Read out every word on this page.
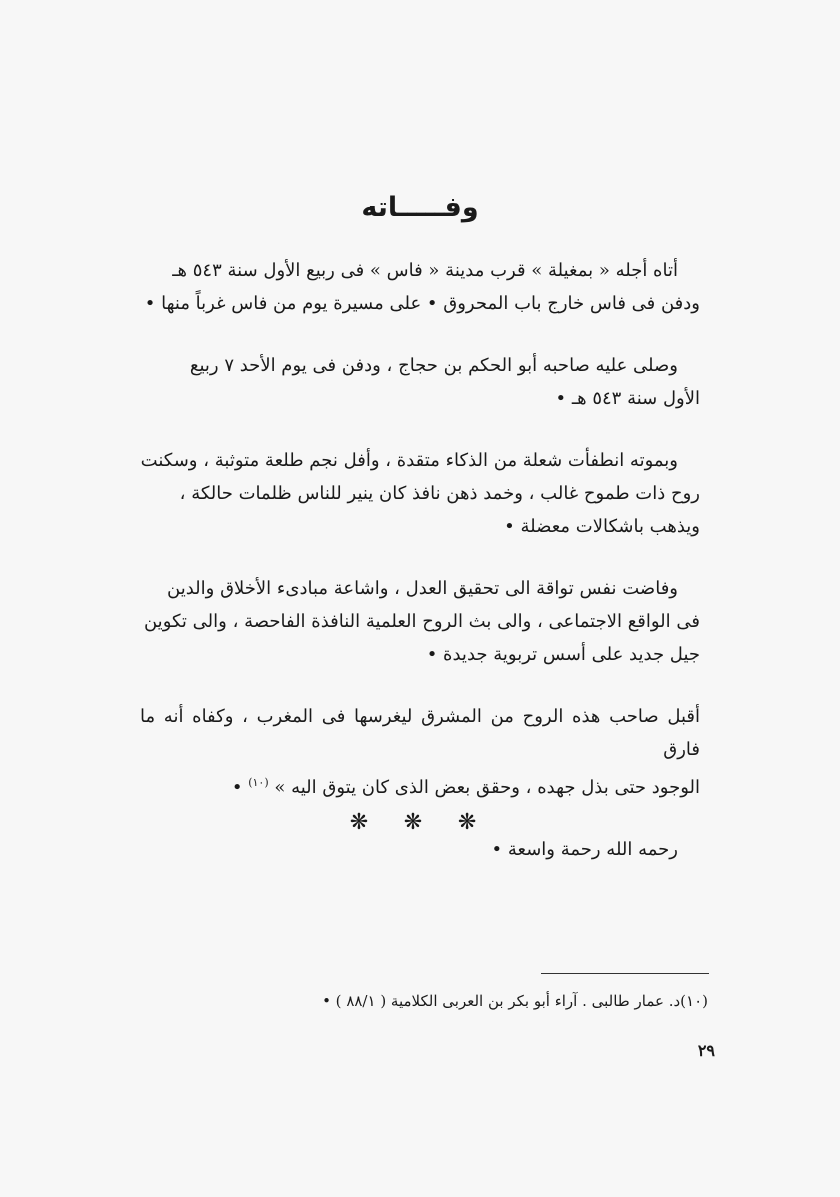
وفـــــاته

أتاه أجله « بمغيلة » قرب مدينة « فاس » فى ربيع الأول سنة ٥٤٣ هـ

ودفن فى فاس خارج باب المحروق • على مسيرة يوم من فاس غرباً منها •

وصلى عليه صاحبه أبو الحكم بن حجاج ، ودفن فى يوم الأحد ٧ ربيع

الأول سنة ٥٤٣ هـ •

وبموته انطفأت شعلة من الذكاء متقدة ، وأفل نجم طلعة متوثبة ، وسكنت

روح ذات طموح غالب ، وخمد ذهن نافذ كان ينير للناس ظلمات حالكة ،

ويذهب باشكالات معضلة •

وفاضت نفس تواقة الى تحقيق العدل ، واشاعة مبادىء الأخلاق والدين

فى الواقع الاجتماعى ، والى بث الروح العلمية النافذة الفاحصة ، والى تكوين

جيل جديد على أسس تربوية جديدة •

أقبل صاحب هذه الروح من المشرق ليغرسها فى المغرب ، وكفاه أنه ما فارق

الوجود حتى بذل جهده ، وحقق بعض الذى كان يتوق اليه » $^{(١٠)}$ •

رحمه الله رحمة واسعة •

❋ ❋ ❋
(١٠)د. عمار طالبى . آراء أبو بكر بن العربى الكلامية ( ٨٨/١ ) •
٢٩
